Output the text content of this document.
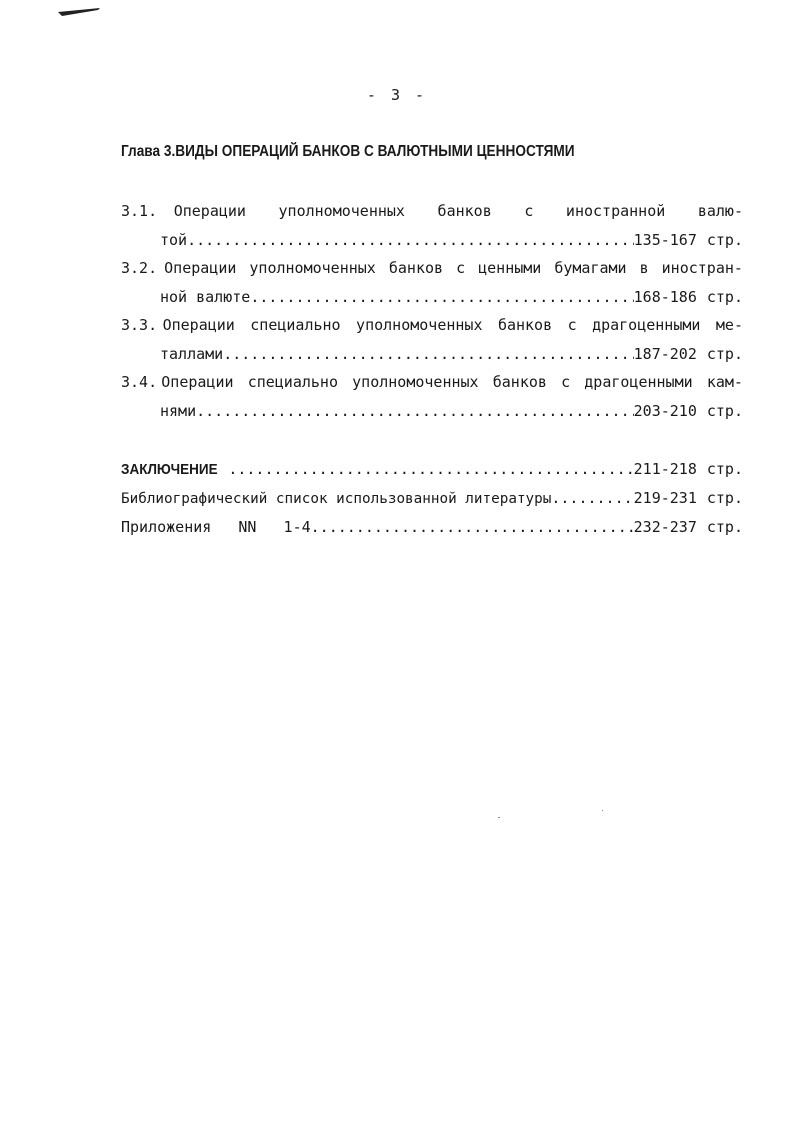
- 3 -
Глава 3.ВИДЫ ОПЕРАЦИЙ БАНКОВ С ВАЛЮТНЫМИ ЦЕННОСТЯМИ
3.1. Операции уполномоченных банков с иностранной валю-
той .....	135-167 стр.
3.2. Операции уполномоченных банков с ценными бумагами в иностран-
ной валюте .....	168-186 стр.
3.3. Операции специально уполномоченных банков с драгоценными ме-
таллами .....	187-202 стр.
3.4. Операции специально уполномоченных банков с драгоценными кам-
нями .....	203-210 стр.
ЗАКЛЮЧЕНИЕ .....	211-218 стр.
Библиографический список использованной литературы .....	219-231 стр.
Приложения   NN   1-4 .....	232-237 стр.
